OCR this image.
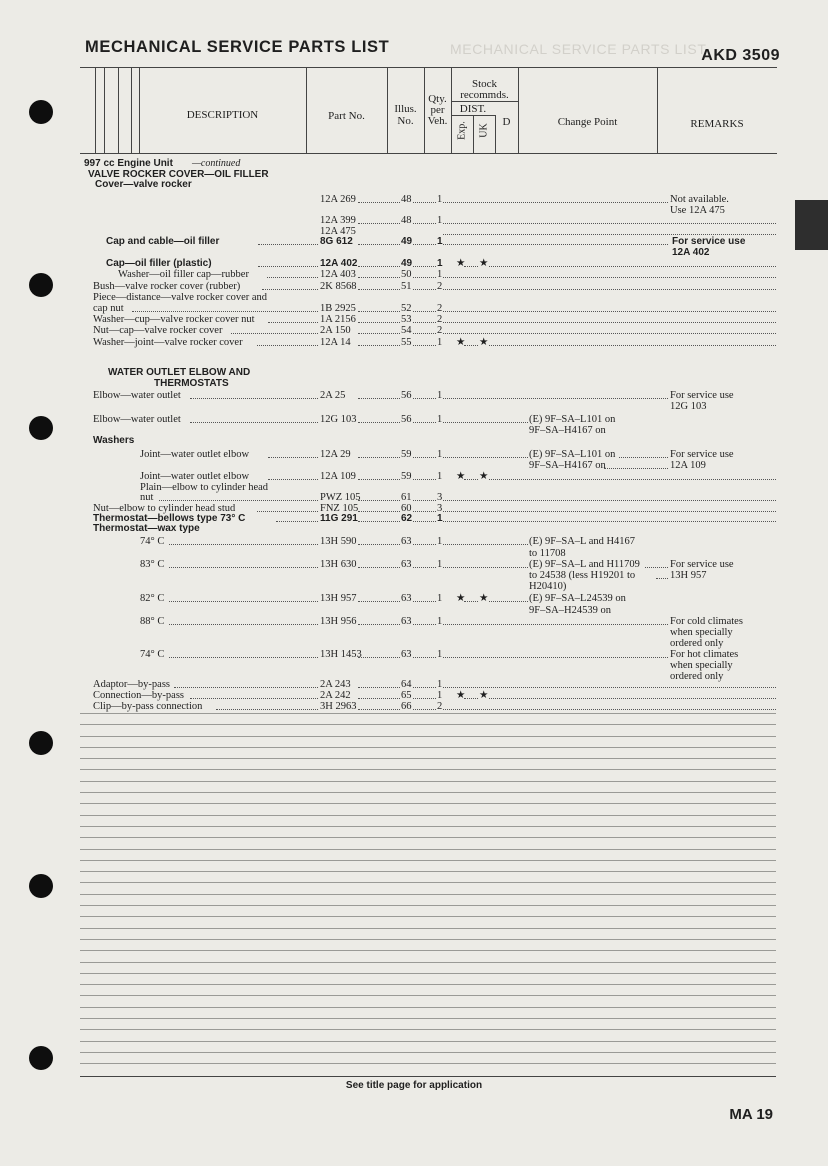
MECHANICAL SERVICE PARTS LIST
MECHANICAL SERVICE PARTS LIST	AKD 3509
DESCRIPTION	Part No.
Illus.
No.
Qty.
per
Veh.
Stock
recommds.
DIST.
Exp. UK
D	Change Point	REMARKS
997 cc Engine Unit —continued
VALVE ROCKER COVER—OIL FILLER
Cover—valve rocker
12A 269	48 1	Not available.
Use 12A 475
12A 399	48 1
12A 475
Cap and cable—oil filler	8G 612	49 1	For service use
12A 402
Cap—oil filler (plastic)	12A 402	49 1 ★ ★
Washer—oil filler cap—rubber	12A 403	50 1
Bush—valve rocker cover (rubber)	2K 8568	51 2
Piece—distance—valve rocker cover and
cap nut	1B 2925	52 2
Washer—cup—valve rocker cover nut	1A 2156	53 2
Nut—cap—valve rocker cover	2A 150	54 2
Washer—joint—valve rocker cover	12A 14	55 1 ★ ★
WATER OUTLET ELBOW AND
THERMOSTATS
Elbow—water outlet	2A 25	56 1	For service use
12G 103
Elbow—water outlet	12G 103	56 1	(E) 9F–SA–L101 on
9F–SA–H4167 on
Washers
Joint—water outlet elbow	12A 29	59 1	(E) 9F–SA–L101 on	For service use
9F–SA–H4167 on	12A 109
Joint—water outlet elbow	12A 109	59 1 ★ ★
Plain—elbow to cylinder head
nut	PWZ 105	61 3
Nut—elbow to cylinder head stud	FNZ 105	60 3
Thermostat—bellows type 73° C	11G 291	62 1
Thermostat—wax type
74° C	13H 590	63 1	(E) 9F–SA–L and H4167
to 11708
83° C	13H 630	63 1	(E) 9F–SA–L and H11709	For service use
to 24538 (less H19201 to	13H 957
H20410)
82° C	13H 957	63 1 ★ ★	(E) 9F–SA–L24539 on
9F–SA–H24539 on
88° C	13H 956	63 1	For cold climates
when specially
ordered only
74° C	13H 1453	63 1	For hot climates
when specially
ordered only
Adaptor—by-pass	2A 243	64 1
Connection—by-pass	2A 242	65 1 ★ ★
Clip—by-pass connection	3H 2963	66 2
See title page for application
MA 19
